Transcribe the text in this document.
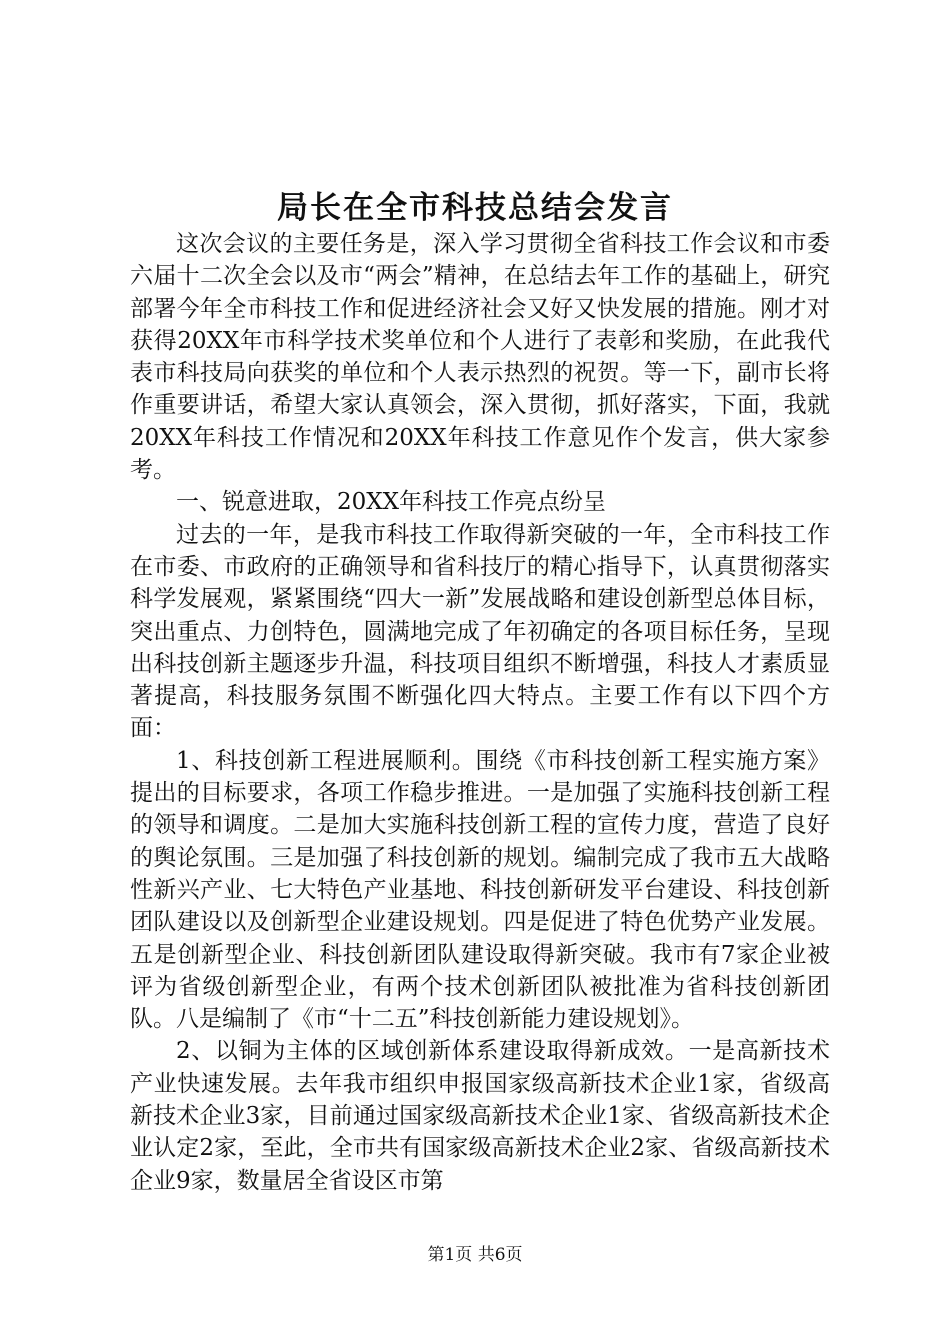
局长在全市科技总结会发言

这次会议的主要任务是，深入学习贯彻全省科技工作会议和市委六届十二次全会以及市“两会”精神，在总结去年工作的基础上，研究部署今年全市科技工作和促进经济社会又好又快发展的措施。刚才对获得20XX年市科学技术奖单位和个人进行了表彰和奖励，在此我代表市科技局向获奖的单位和个人表示热烈的祝贺。等一下，副市长将作重要讲话，希望大家认真领会，深入贯彻，抓好落实，下面，我就20XX年科技工作情况和20XX年科技工作意见作个发言，供大家参考。

一、锐意进取，20XX年科技工作亮点纷呈

过去的一年，是我市科技工作取得新突破的一年，全市科技工作在市委、市政府的正确领导和省科技厅的精心指导下，认真贯彻落实科学发展观，紧紧围绕“四大一新”发展战略和建设创新型总体目标，突出重点、力创特色，圆满地完成了年初确定的各项目标任务，呈现出科技创新主题逐步升温，科技项目组织不断增强，科技人才素质显著提高，科技服务氛围不断强化四大特点。主要工作有以下四个方面：

1、科技创新工程进展顺利。围绕《市科技创新工程实施方案》提出的目标要求，各项工作稳步推进。一是加强了实施科技创新工程的领导和调度。二是加大实施科技创新工程的宣传力度，营造了良好的舆论氛围。三是加强了科技创新的规划。编制完成了我市五大战略性新兴产业、七大特色产业基地、科技创新研发平台建设、科技创新团队建设以及创新型企业建设规划。四是促进了特色优势产业发展。五是创新型企业、科技创新团队建设取得新突破。我市有7家企业被评为省级创新型企业，有两个技术创新团队被批准为省科技创新团队。八是编制了《市“十二五”科技创新能力建设规划》。

2、以铜为主体的区域创新体系建设取得新成效。一是高新技术产业快速发展。去年我市组织申报国家级高新技术企业1家，省级高新技术企业3家，目前通过国家级高新技术企业1家、省级高新技术企业认定2家，至此，全市共有国家级高新技术企业2家、省级高新技术企业9家，数量居全省设区市第

第1页 共6页
